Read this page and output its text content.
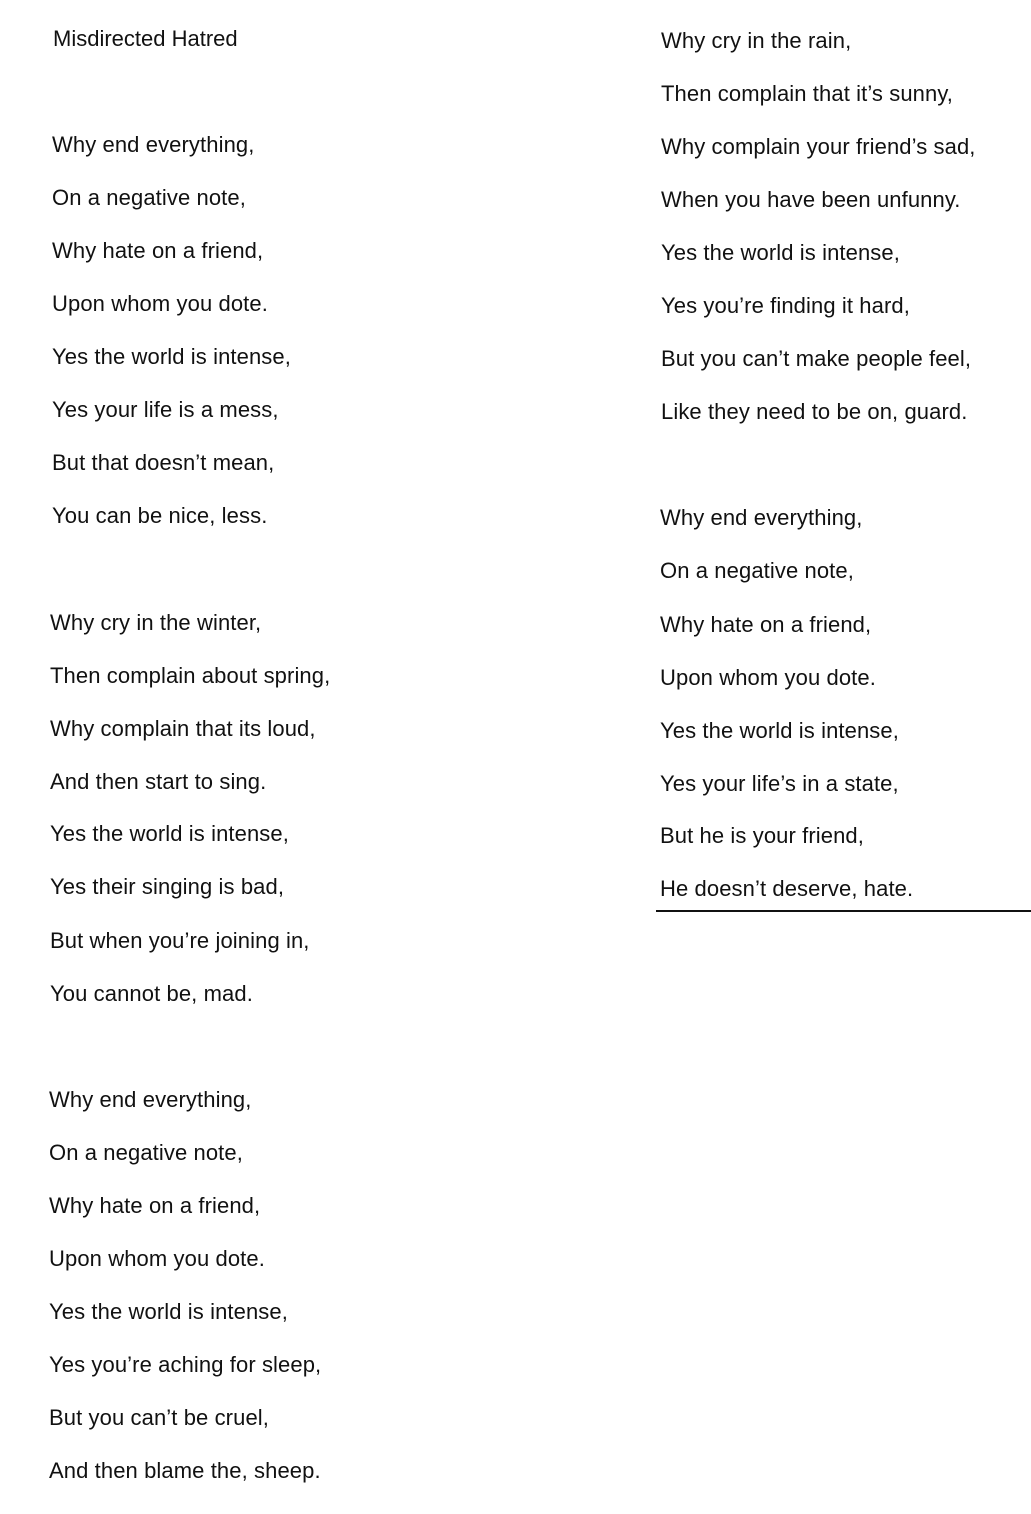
Misdirected Hatred
Why end everything,
On a negative note,
Why hate on a friend,
Upon whom you dote.
Yes the world is intense,
Yes your life is a mess,
But that doesn’t mean,
You can be nice, less.
Why cry in the winter,
Then complain about spring,
Why complain that its loud,
And then start to sing.
Yes the world is intense,
Yes their singing is bad,
But when you’re joining in,
You cannot be, mad.
Why end everything,
On a negative note,
Why hate on a friend,
Upon whom you dote.
Yes the world is intense,
Yes you’re aching for sleep,
But you can’t be cruel,
And then blame the, sheep.
Why cry in the rain,
Then complain that it’s sunny,
Why complain your friend’s sad,
When you have been unfunny.
Yes the world is intense,
Yes you’re finding it hard,
But you can’t make people feel,
Like they need to be on, guard.
Why end everything,
On a negative note,
Why hate on a friend,
Upon whom you dote.
Yes the world is intense,
Yes your life’s in a state,
But he is your friend,
He doesn’t deserve, hate.
